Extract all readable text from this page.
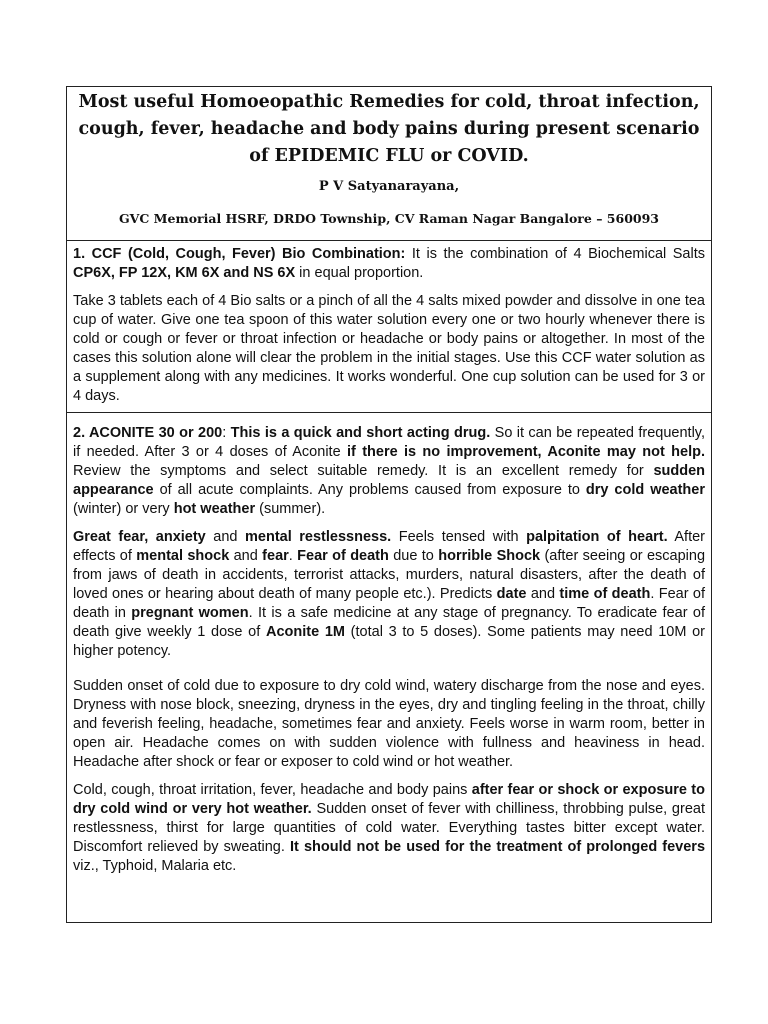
Most useful Homoeopathic Remedies for cold, throat infection, cough, fever, headache and body pains during present scenario of EPIDEMIC FLU or COVID.
P V Satyanarayana,
GVC Memorial HSRF, DRDO Township, CV Raman Nagar Bangalore – 560093

1. CCF (Cold, Cough, Fever) Bio Combination: It is the combination of 4 Biochemical Salts CP6X, FP 12X, KM 6X and NS 6X in equal proportion.

Take 3 tablets each of 4 Bio salts or a pinch of all the 4 salts mixed powder and dissolve in one tea cup of water. Give one tea spoon of this water solution every one or two hourly whenever there is cold or cough or fever or throat infection or headache or body pains or altogether. In most of the cases this solution alone will clear the problem in the initial stages. Use this CCF water solution as a supplement along with any medicines. It works wonderful. One cup solution can be used for 3 or 4 days.

2. ACONITE 30 or 200: This is a quick and short acting drug. So it can be repeated frequently, if needed. After 3 or 4 doses of Aconite if there is no improvement, Aconite may not help. Review the symptoms and select suitable remedy. It is an excellent remedy for sudden appearance of all acute complaints. Any problems caused from exposure to dry cold weather (winter) or very hot weather (summer).

Great fear, anxiety and mental restlessness. Feels tensed with palpitation of heart. After effects of mental shock and fear. Fear of death due to horrible Shock (after seeing or escaping from jaws of death in accidents, terrorist attacks, murders, natural disasters, after the death of loved ones or hearing about death of many people etc.). Predicts date and time of death. Fear of death in pregnant women. It is a safe medicine at any stage of pregnancy. To eradicate fear of death give weekly 1 dose of Aconite 1M (total 3 to 5 doses). Some patients may need 10M or higher potency.

Sudden onset of cold due to exposure to dry cold wind, watery discharge from the nose and eyes. Dryness with nose block, sneezing, dryness in the eyes, dry and tingling feeling in the throat, chilly and feverish feeling, headache, sometimes fear and anxiety. Feels worse in warm room, better in open air. Headache comes on with sudden violence with fullness and heaviness in head. Headache after shock or fear or exposer to cold wind or hot weather.

Cold, cough, throat irritation, fever, headache and body pains after fear or shock or exposure to dry cold wind or very hot weather. Sudden onset of fever with chilliness, throbbing pulse, great restlessness, thirst for large quantities of cold water. Everything tastes bitter except water. Discomfort relieved by sweating. It should not be used for the treatment of prolonged fevers viz., Typhoid, Malaria etc.
